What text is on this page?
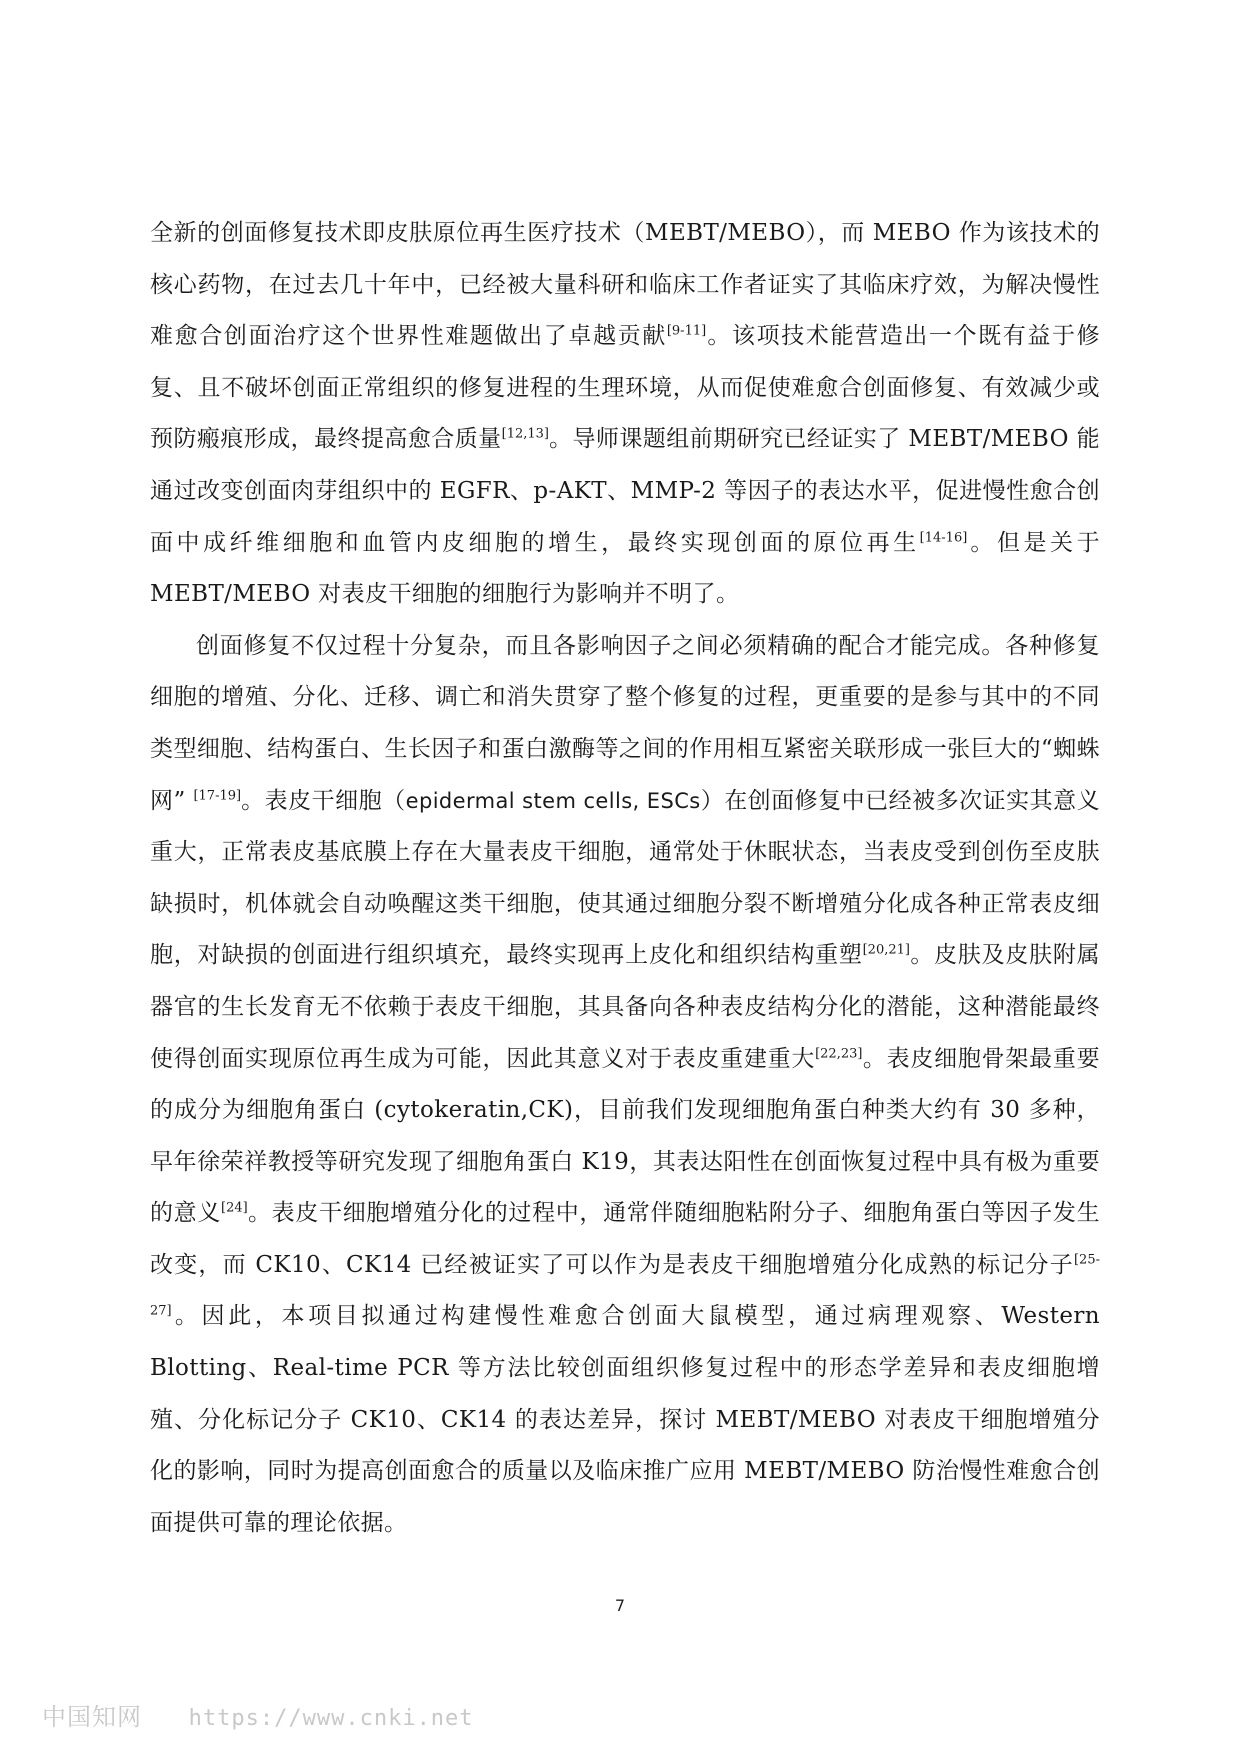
全新的创面修复技术即皮肤原位再生医疗技术（MEBT/MEBO），而 MEBO 作为该技术的核心药物，在过去几十年中，已经被大量科研和临床工作者证实了其临床疗效，为解决慢性难愈合创面治疗这个世界性难题做出了卓越贡献[9-11]。该项技术能营造出一个既有益于修复、且不破坏创面正常组织的修复进程的生理环境，从而促使难愈合创面修复、有效减少或预防瘢痕形成，最终提高愈合质量[12,13]。导师课题组前期研究已经证实了 MEBT/MEBO 能通过改变创面肉芽组织中的 EGFR、p-AKT、MMP-2 等因子的表达水平，促进慢性愈合创面中成纤维细胞和血管内皮细胞的增生，最终实现创面的原位再生[14-16]。但是关于 MEBT/MEBO 对表皮干细胞的细胞行为影响并不明了。

创面修复不仅过程十分复杂，而且各影响因子之间必须精确的配合才能完成。各种修复细胞的增殖、分化、迁移、调亡和消失贯穿了整个修复的过程，更重要的是参与其中的不同类型细胞、结构蛋白、生长因子和蛋白激酶等之间的作用相互紧密关联形成一张巨大的“蜘蛛网” [17-19]。表皮干细胞（epidermal stem cells, ESCs）在创面修复中已经被多次证实其意义重大，正常表皮基底膜上存在大量表皮干细胞，通常处于休眠状态，当表皮受到创伤至皮肤缺损时，机体就会自动唤醒这类干细胞，使其通过细胞分裂不断增殖分化成各种正常表皮细胞，对缺损的创面进行组织填充，最终实现再上皮化和组织结构重塑[20,21]。皮肤及皮肤附属器官的生长发育无不依赖于表皮干细胞，其具备向各种表皮结构分化的潜能，这种潜能最终使得创面实现原位再生成为可能，因此其意义对于表皮重建重大[22,23]。表皮细胞骨架最重要的成分为细胞角蛋白 (cytokeratin,CK)，目前我们发现细胞角蛋白种类大约有 30 多种，早年徐荣祥教授等研究发现了细胞角蛋白 K19，其表达阳性在创面恢复过程中具有极为重要的意义[24]。表皮干细胞增殖分化的过程中，通常伴随细胞粘附分子、细胞角蛋白等因子发生改变，而 CK10、CK14 已经被证实了可以作为是表皮干细胞增殖分化成熟的标记分子[25-27]。因此，本项目拟通过构建慢性难愈合创面大鼠模型，通过病理观察、Western Blotting、Real-time PCR 等方法比较创面组织修复过程中的形态学差异和表皮细胞增殖、分化标记分子 CK10、CK14 的表达差异，探讨 MEBT/MEBO 对表皮干细胞增殖分化的影响，同时为提高创面愈合的质量以及临床推广应用 MEBT/MEBO 防治慢性难愈合创面提供可靠的理论依据。

7
中国知网 https://www.cnki.net
